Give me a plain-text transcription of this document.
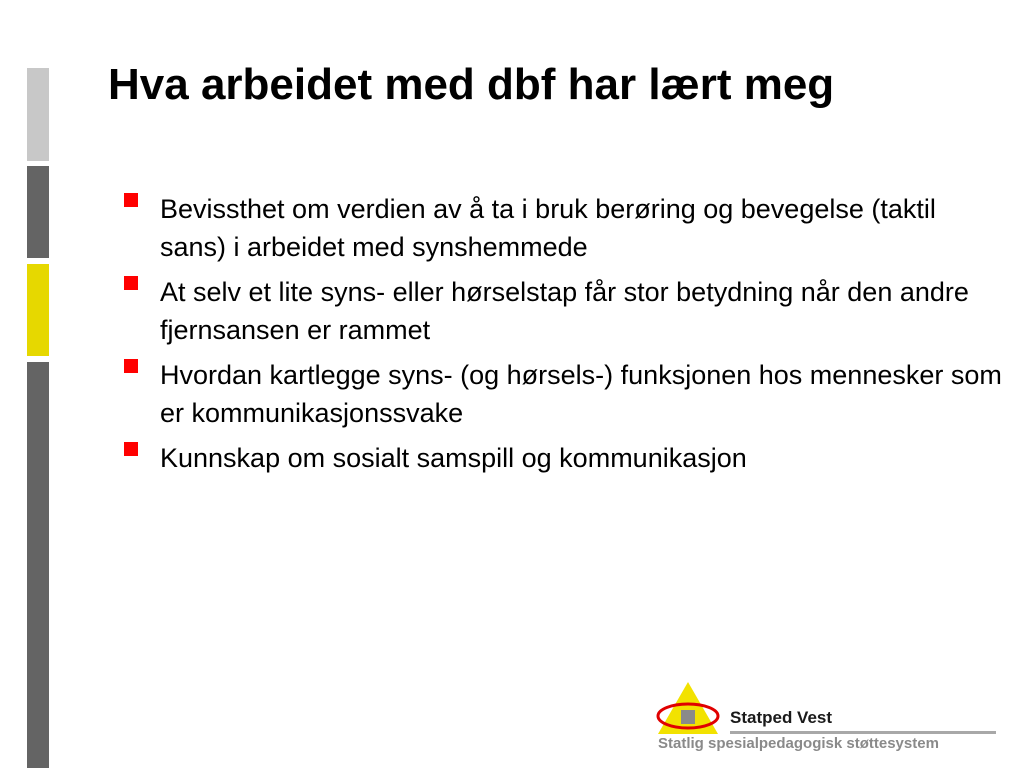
Hva arbeidet med dbf har lært meg
Bevissthet om verdien av å ta i bruk berøring og bevegelse (taktil sans) i arbeidet med synshemmede
At selv et lite syns- eller hørselstap får stor betydning når den andre fjernsansen er rammet
Hvordan kartlegge syns- (og hørsels-) funksjonen hos mennesker som er kommunikasjonssvake
Kunnskap om sosialt samspill og kommunikasjon
Statped Vest
Statlig spesialpedagogisk støttesystem
